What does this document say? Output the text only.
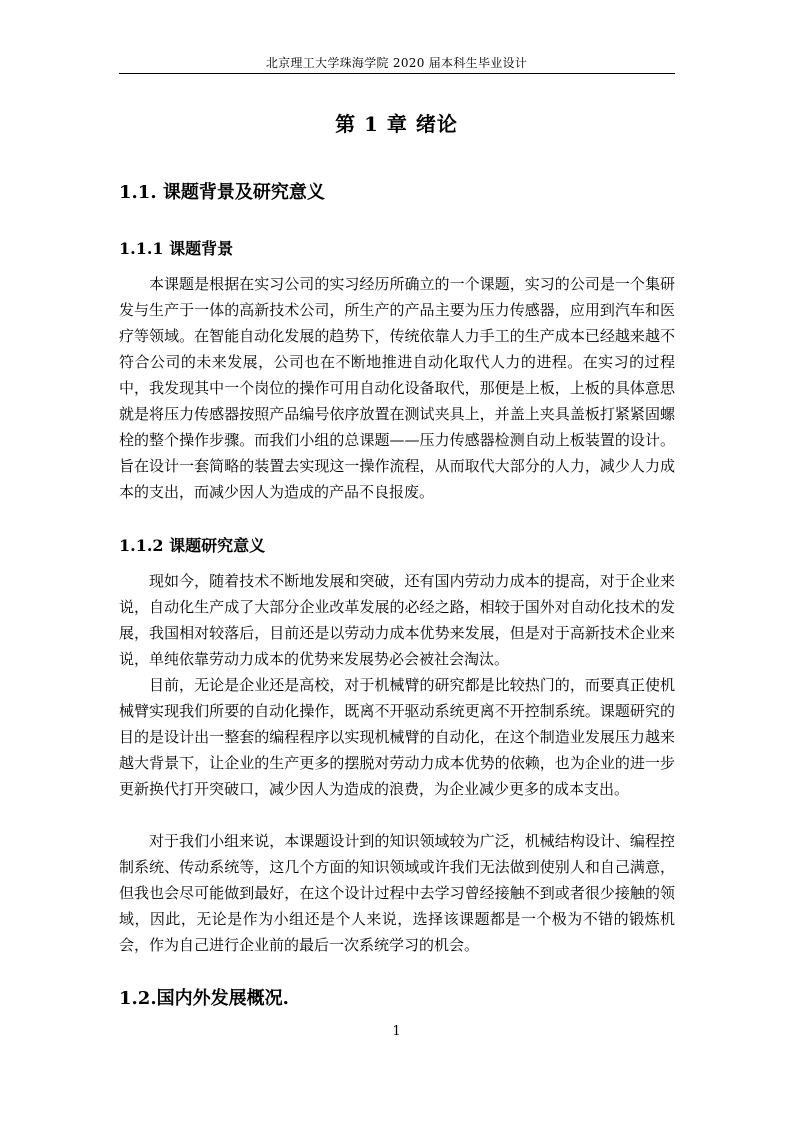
北京理工大学珠海学院 2020 届本科生毕业设计
第 1 章 绪论
1.1. 课题背景及研究意义
1.1.1 课题背景

本课题是根据在实习公司的实习经历所确立的一个课题，实习的公司是一个集研发与生产于一体的高新技术公司，所生产的产品主要为压力传感器，应用到汽车和医疗等领域。在智能自动化发展的趋势下，传统依靠人力手工的生产成本已经越来越不符合公司的未来发展，公司也在不断地推进自动化取代人力的进程。在实习的过程中，我发现其中一个岗位的操作可用自动化设备取代，那便是上板，上板的具体意思就是将压力传感器按照产品编号依序放置在测试夹具上，并盖上夹具盖板打紧紧固螺栓的整个操作步骤。而我们小组的总课题——压力传感器检测自动上板装置的设计。旨在设计一套简略的装置去实现这一操作流程，从而取代大部分的人力，减少人力成本的支出，而减少因人为造成的产品不良报废。

1.1.2 课题研究意义

现如今，随着技术不断地发展和突破，还有国内劳动力成本的提高，对于企业来说，自动化生产成了大部分企业改革发展的必经之路，相较于国外对自动化技术的发展，我国相对较落后，目前还是以劳动力成本优势来发展，但是对于高新技术企业来说，单纯依靠劳动力成本的优势来发展势必会被社会淘汰。

目前，无论是企业还是高校，对于机械臂的研究都是比较热门的，而要真正使机械臂实现我们所要的自动化操作，既离不开驱动系统更离不开控制系统。课题研究的目的是设计出一整套的编程程序以实现机械臂的自动化，在这个制造业发展压力越来越大背景下，让企业的生产更多的摆脱对劳动力成本优势的依赖，也为企业的进一步更新换代打开突破口，减少因人为造成的浪费，为企业减少更多的成本支出。

对于我们小组来说，本课题设计到的知识领域较为广泛，机械结构设计、编程控制系统、传动系统等，这几个方面的知识领域或许我们无法做到使别人和自己满意，但我也会尽可能做到最好，在这个设计过程中去学习曾经接触不到或者很少接触的领域，因此，无论是作为小组还是个人来说，选择该课题都是一个极为不错的锻炼机会，作为自己进行企业前的最后一次系统学习的机会。

1.2.国内外发展概况.
1
